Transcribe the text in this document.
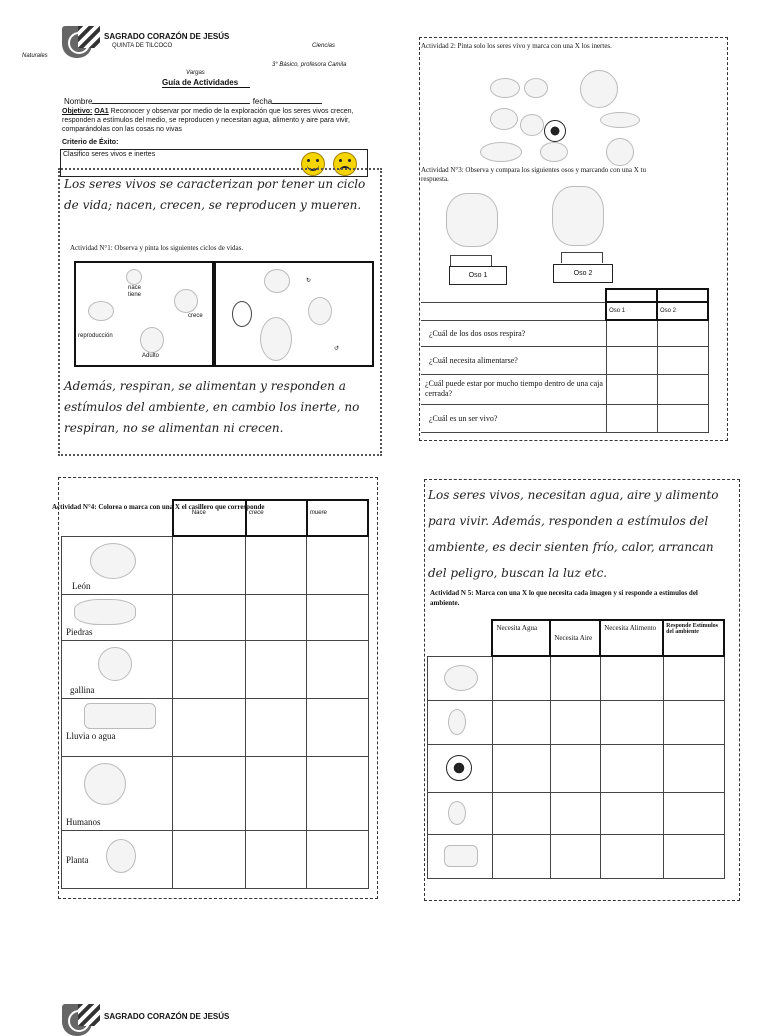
SAGRADO CORAZÓN DE JESÚS
QUINTA DE TILCOCO	Ciencias
Naturales
3° Básico, profesora Camila
Vargas
Guía de Actividades
Nombre	fecha
Objetivo: OA1 Reconocer y observar por medio de la exploración que los seres vivos crecen, responden a estímulos del medio, se reproducen y necesitan agua, alimento y aire para vivir, comparándolas con las cosas no vivas
Criterio de Éxito:
Clasifico seres vivos e inertes
Los seres vivos se caracterizan por tener un ciclo de vida; nacen, crecen, se reproducen y mueren.
Actividad N°1: Observa y pinta los siguientes ciclos de vidas.
nace
tiene
crece
reproducción
Adulto
↻
↺
Además, respiran, se alimentan y responden a estímulos del ambiente, en cambio los inerte, no respiran, no se alimentan ni crecen.
Actividad 2: Pinta solo los seres vivo y marca con una X los inertes.
Actividad N°3: Observa y compara los siguientes osos y marcando con una X tu respuesta.
Oso 1	Oso 2

	Oso 1	Oso 2
¿Cuál de los dos osos respira?		
¿Cuál necesita alimentarse?		
¿Cuál puede estar por mucho tiempo dentro de una caja cerrada?		
¿Cuál es un ser vivo?		
Actividad N°4: Colorea o marca con una X el casillero que corresponde
	Nace	crece	muere

León			

Piedras			

gallina			

$_{Lluvia o agua}$			

Humanos			

Planta			
Los seres vivos, necesitan agua, aire y alimento para vivir. Además, responden a estímulos del ambiente, es decir sienten frío, calor, arrancan del peligro, buscan la luz etc.
Actividad N 5: Marca con una X lo que necesita cada imagen y si responde a estímulos del ambiente.
	Necesita Agua	Necesita Aire	Necesita Alimento	Responde Estímulos del ambiente

SAGRADO CORAZÓN DE JESÚS
